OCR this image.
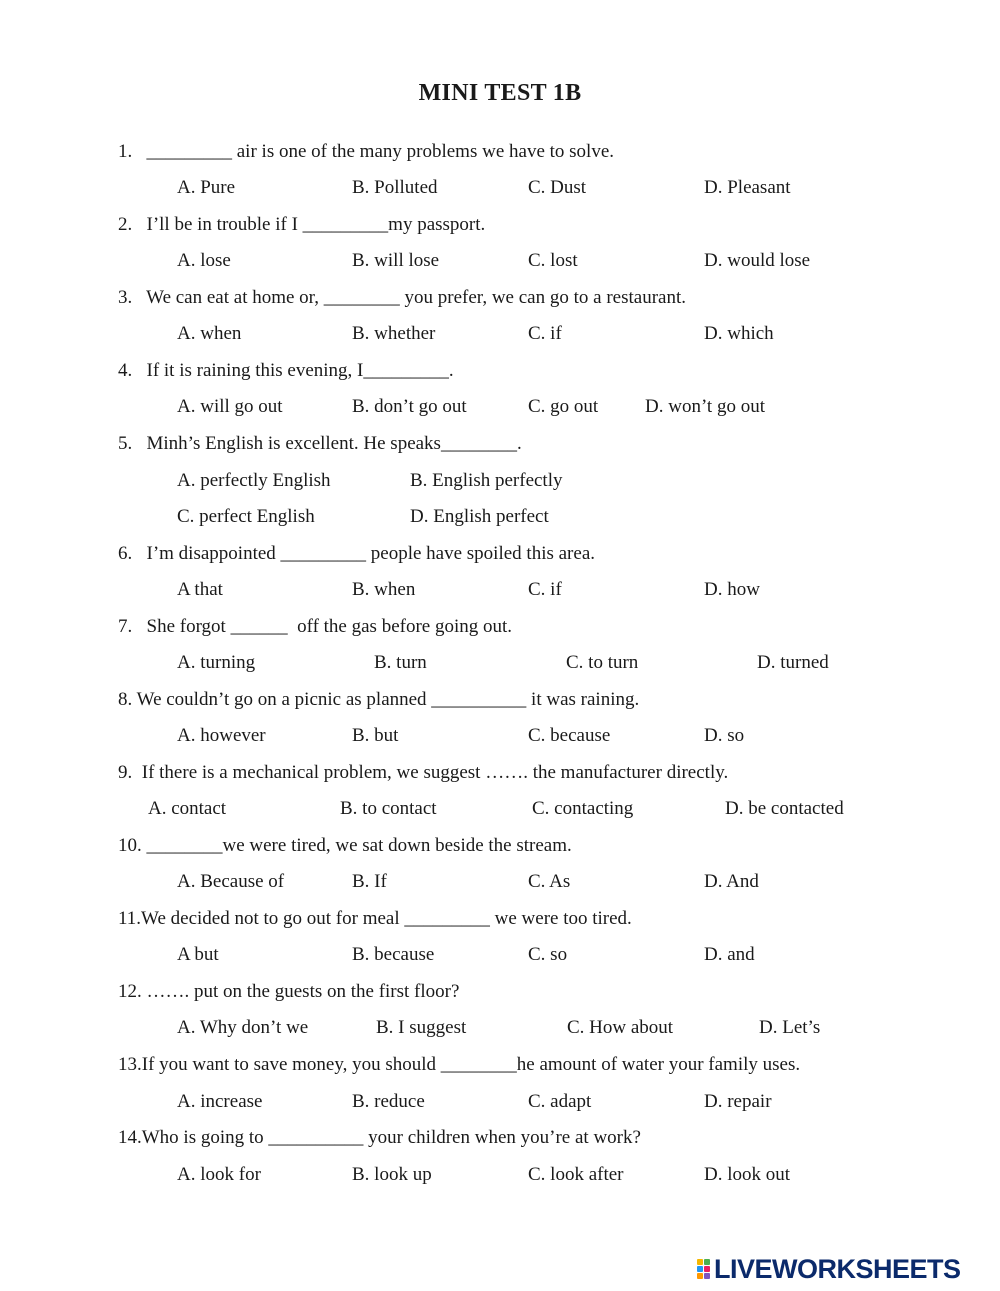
MINI TEST 1B
1.   _________ air is one of the many problems we have to solve.
A. Pure	B. Polluted	C. Dust	D. Pleasant
2.   I’ll be in trouble if I _________my passport.
A. lose	B. will lose	C. lost	D. would lose
3.   We can eat at home or, ________ you prefer, we can go to a restaurant.
A. when	B. whether	C. if	D. which
4.   If it is raining this evening, I_________.
A. will go out	B. don’t go out	C. go out D. won’t go out
5.   Minh’s English is excellent. He speaks________.
A. perfectly English	B. English perfectly
C. perfect English	D. English perfect
6.   I’m disappointed _________ people have spoiled this area.
A that	B. when	C. if	D. how
7.   She forgot ______  off the gas before going out.
A. turning	B. turn	C. to turn	D. turned
8. We couldn’t go on a picnic as planned __________ it was raining.
A. however	B. but	C. because	D. so
9.  If there is a mechanical problem, we suggest ……. the manufacturer directly.
A. contact	B. to contact	C. contacting	D. be contacted
10. ________we were tired, we sat down beside the stream.
A. Because of	B. If	C. As	D. And
11.We decided not to go out for meal _________ we were too tired.
A but	B. because	C. so	D. and
12. ……. put on the guests on the first floor?
A. Why don’t we	B. I suggest	C. How about	D. Let’s
13.If you want to save money, you should ________he amount of water your family uses.
A. increase	B. reduce	C. adapt	D. repair
14.Who is going to __________ your children when you’re at work?
A. look for	B. look up	C. look after	D. look out
LIVEWORKSHEETS
